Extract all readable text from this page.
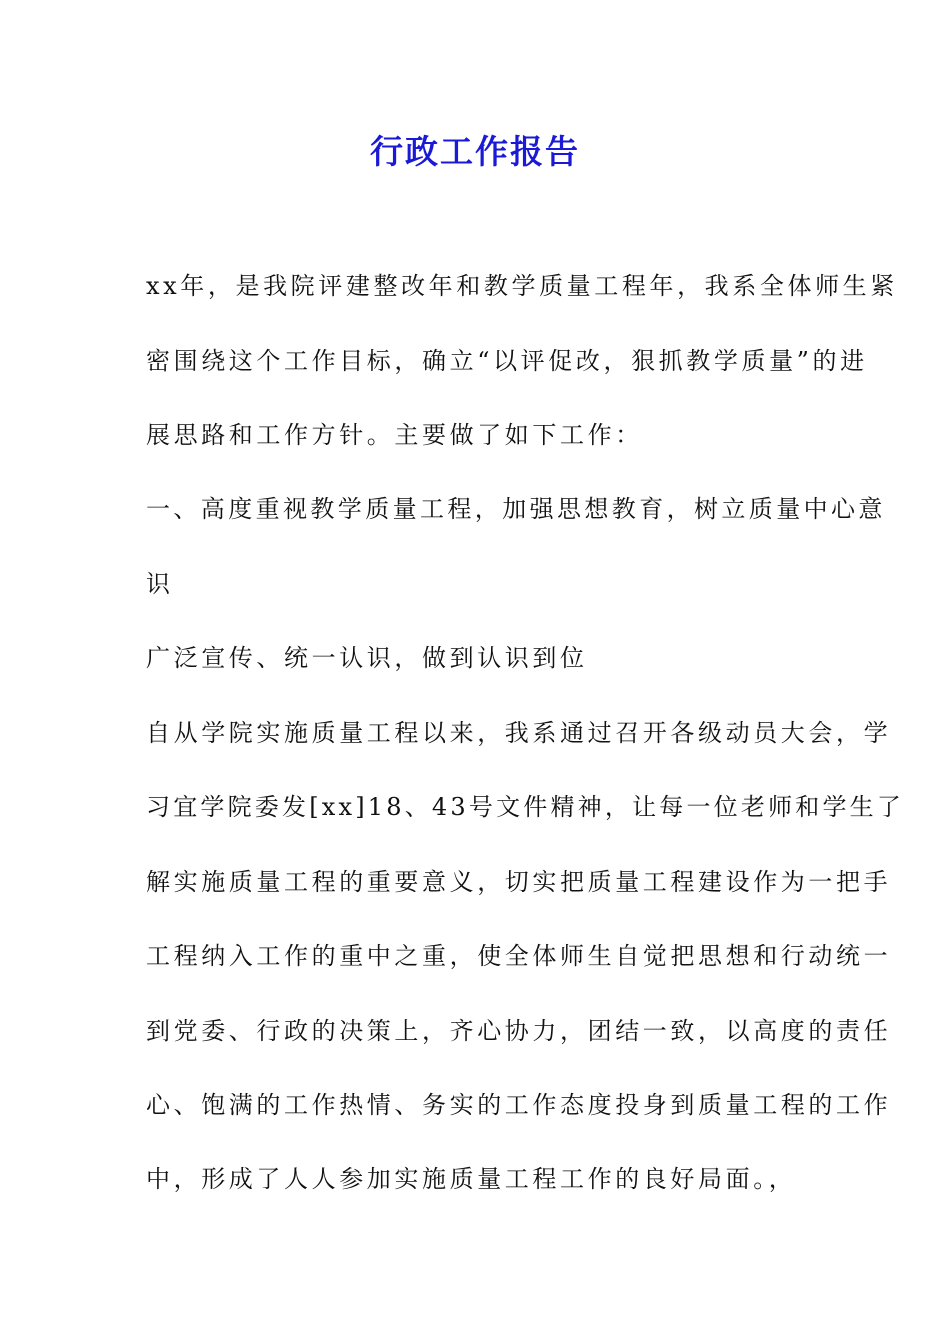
行政工作报告

xx年，是我院评建整改年和教学质量工程年，我系全体师生紧

密围绕这个工作目标，确立“以评促改，狠抓教学质量”的进

展思路和工作方针。主要做了如下工作：

一、高度重视教学质量工程，加强思想教育，树立质量中心意

识

广泛宣传、统一认识，做到认识到位

自从学院实施质量工程以来，我系通过召开各级动员大会，学

习宜学院委发[xx]18、43号文件精神，让每一位老师和学生了

解实施质量工程的重要意义，切实把质量工程建设作为一把手

工程纳入工作的重中之重，使全体师生自觉把思想和行动统一

到党委、行政的决策上，齐心协力，团结一致，以高度的责任

心、饱满的工作热情、务实的工作态度投身到质量工程的工作

中，形成了人人参加实施质量工程工作的良好局面。，
